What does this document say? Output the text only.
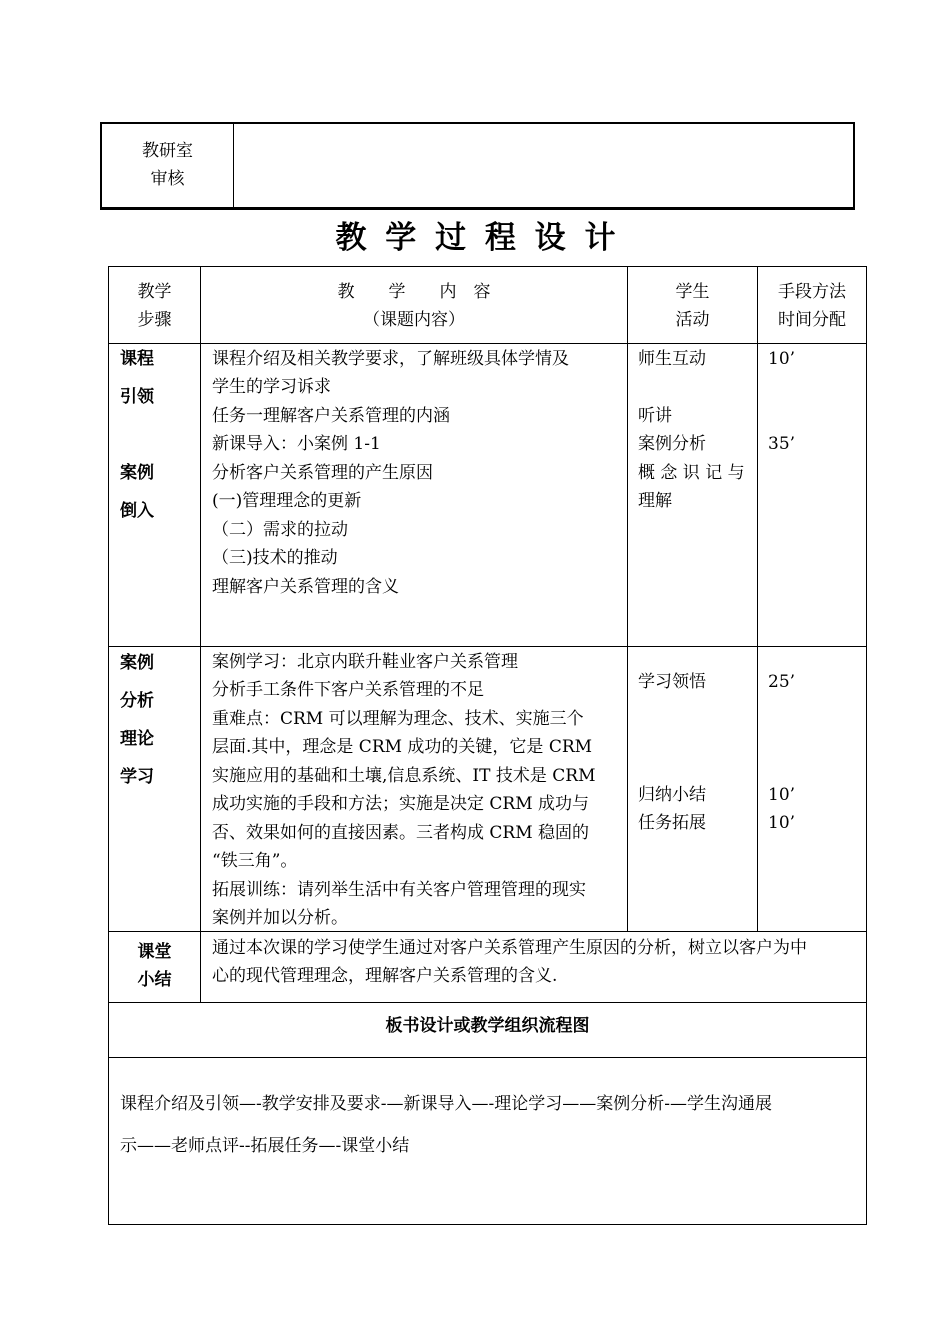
教研室
审核
教 学 过 程 设 计
教学
步骤
教　　学　　内　容
（课题内容）
学生
活动
手段方法
时间分配
课程
引领
案例
倒入
课程介绍及相关教学要求，了解班级具体学情及
学生的学习诉求
任务一理解客户关系管理的内涵
新课导入：小案例 1-1
分析客户关系管理的产生原因
(一)管理理念的更新
（二）需求的拉动
（三)技术的推动
理解客户关系管理的含义
师生互动
听讲
案例分析
概 念 识 记 与
理解
10’
35’
案例
分析
理论
学习
案例学习：北京内联升鞋业客户关系管理
分析手工条件下客户关系管理的不足
重难点：CRM 可以理解为理念、技术、实施三个
层面.其中，理念是 CRM 成功的关键，它是 CRM
实施应用的基础和土壤,信息系统、IT 技术是 CRM
成功实施的手段和方法；实施是决定 CRM 成功与
否、效果如何的直接因素。三者构成 CRM 稳固的
“铁三角”。
拓展训练：请列举生活中有关客户管理管理的现实
案例并加以分析。
学习领悟
归纳小结
任务拓展
25’
10’
10’
课堂
小结
通过本次课的学习使学生通过对客户关系管理产生原因的分析，树立以客户为中
心的现代管理理念，理解客户关系管理的含义.
板书设计或教学组织流程图
课程介绍及引领—-教学安排及要求-—新课导入—-理论学习——案例分析-—学生沟通展
示——老师点评--拓展任务—-课堂小结
